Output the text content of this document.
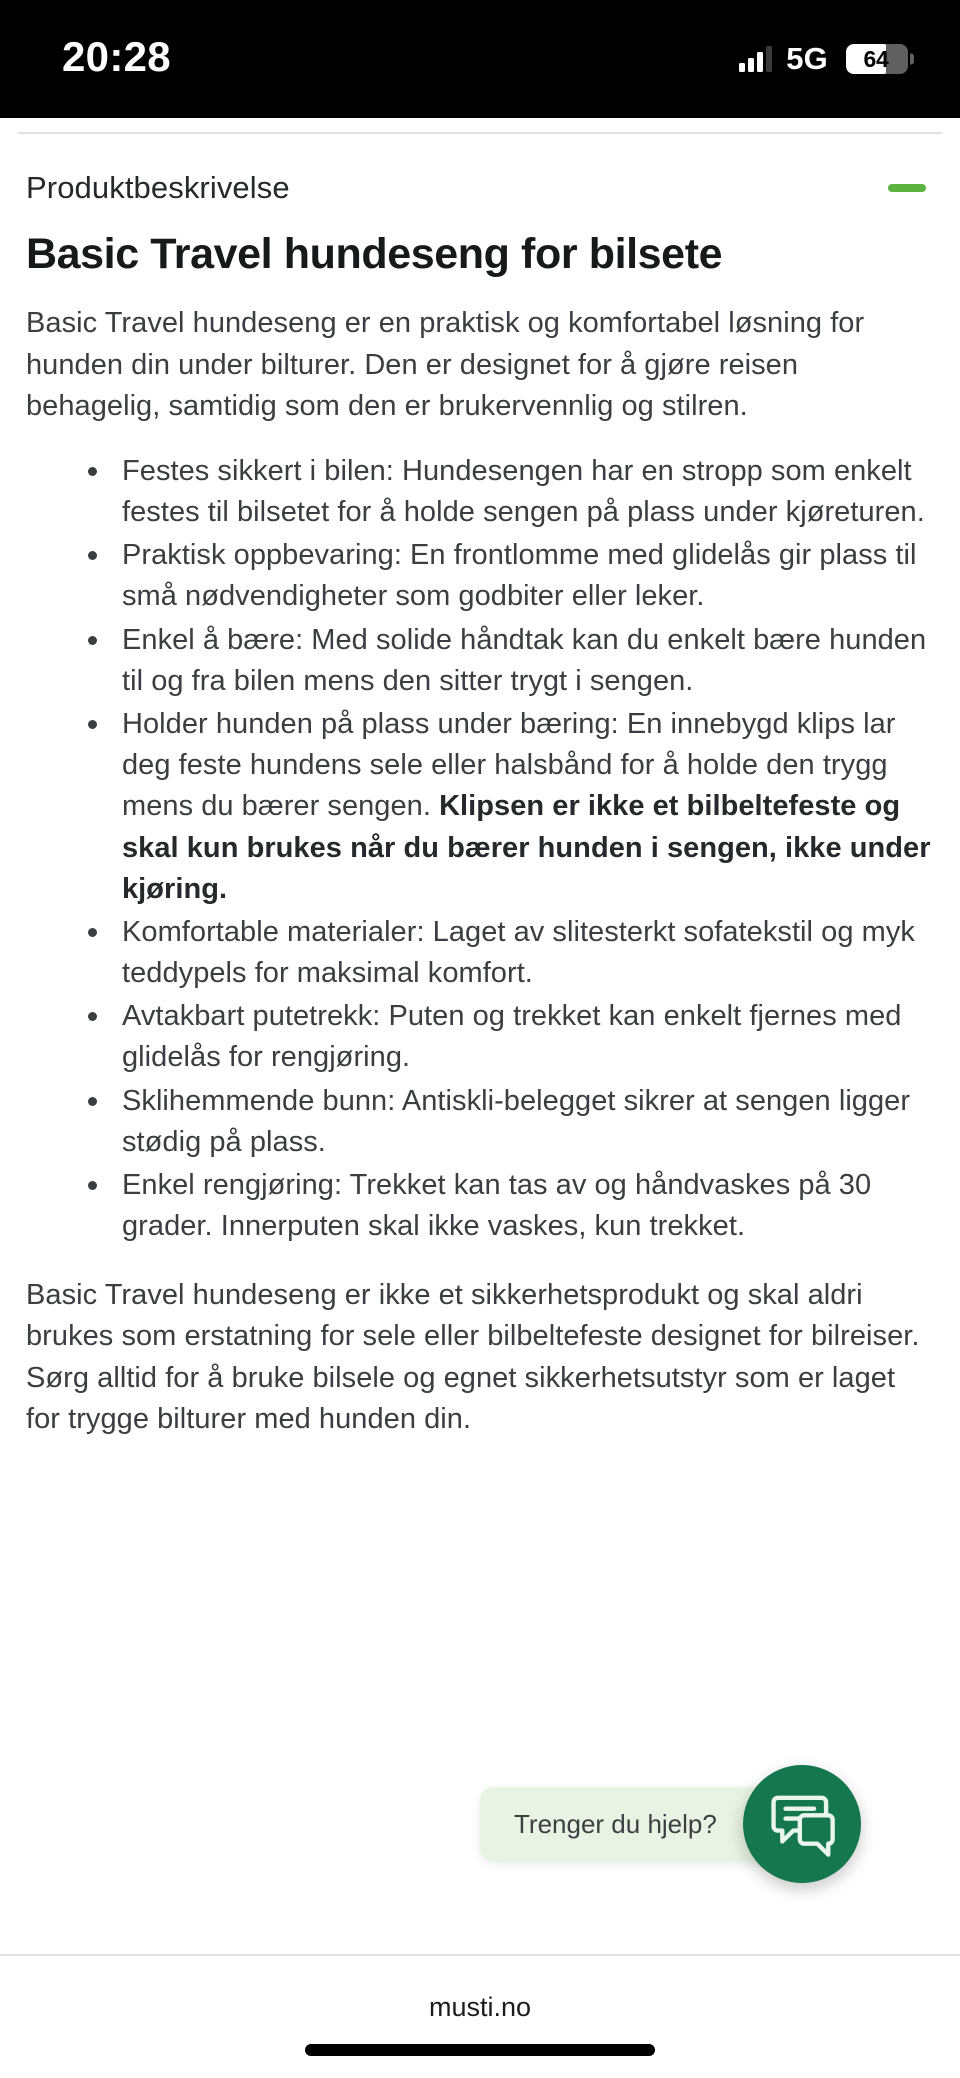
20:28	5G	64
Produktbeskrivelse
Basic Travel hundeseng for bilsete

Basic Travel hundeseng er en praktisk og komfortabel løsning for hunden din under bilturer. Den er designet for å gjøre reisen behagelig, samtidig som den er brukervennlig og stilren.

Festes sikkert i bilen: Hundesengen har en stropp som enkelt festes til bilsetet for å holde sengen på plass under kjøreturen.
Praktisk oppbevaring: En frontlomme med glidelås gir plass til små nødvendigheter som godbiter eller leker.
Enkel å bære: Med solide håndtak kan du enkelt bære hunden til og fra bilen mens den sitter trygt i sengen.
Holder hunden på plass under bæring: En innebygd klips lar deg feste hundens sele eller halsbånd for å holde den trygg mens du bærer sengen. Klipsen er ikke et bilbeltefeste og skal kun brukes når du bærer hunden i sengen, ikke under kjøring.
Komfortable materialer: Laget av slitesterkt sofatekstil og myk teddypels for maksimal komfort.
Avtakbart putetrekk: Puten og trekket kan enkelt fjernes med glidelås for rengjøring.
Sklihemmende bunn: Antiskli-belegget sikrer at sengen ligger stødig på plass.
Enkel rengjøring: Trekket kan tas av og håndvaskes på 30 grader. Innerputen skal ikke vaskes, kun trekket.

Basic Travel hundeseng er ikke et sikkerhetsprodukt og skal aldri brukes som erstatning for sele eller bilbeltefeste designet for bilreiser. Sørg alltid for å bruke bilsele og egnet sikkerhetsutstyr som er laget for trygge bilturer med hunden din.

Trenger du hjelp?
musti.no
